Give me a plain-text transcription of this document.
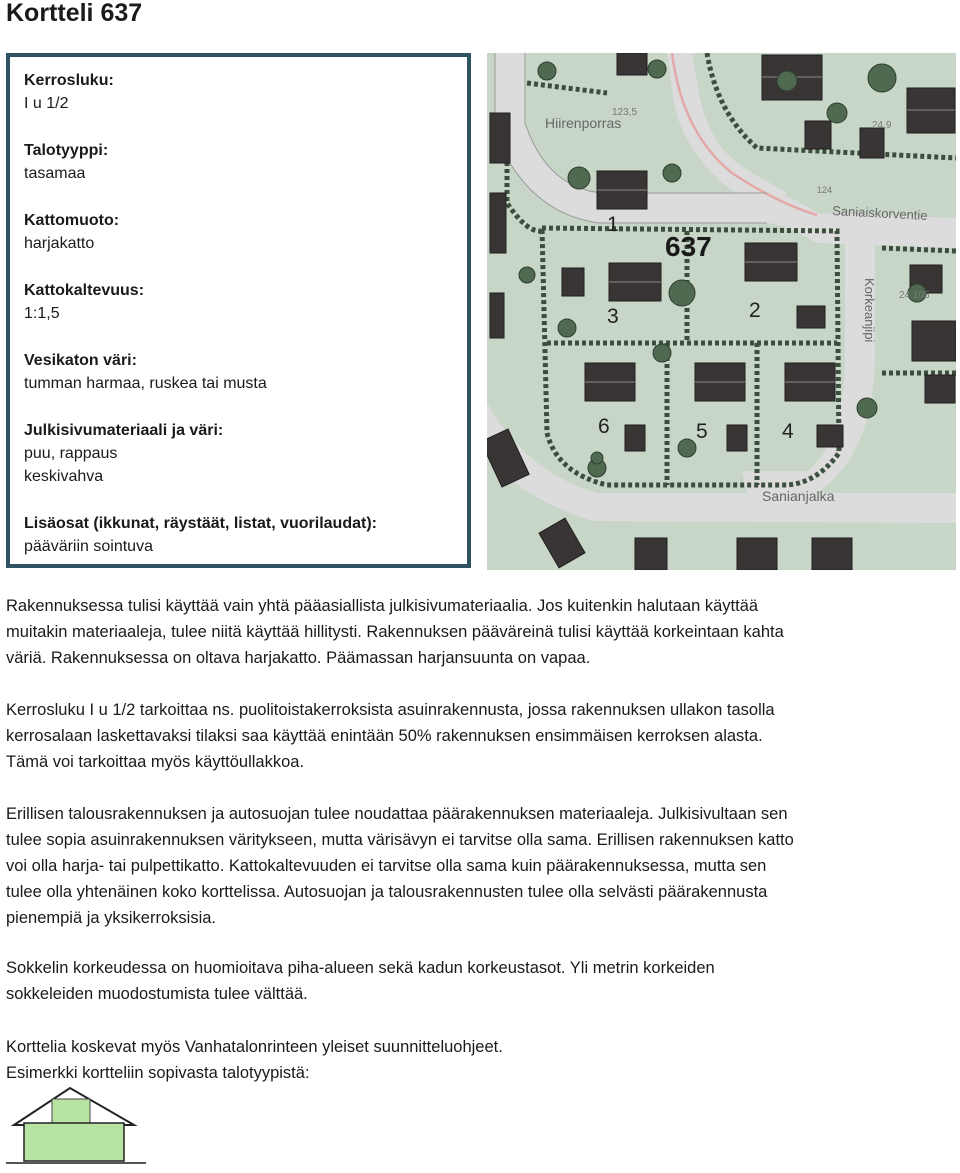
Kortteli 637
Kerrosluku:
I u 1/2
Talotyyppi:
tasamaa
Kattomuoto:
harjakatto
Kattokaltevuus:
1:1,5
Vesikaton väri:
tumman harmaa, ruskea tai musta
Julkisivumateriaali ja väri:
puu, rappaus
keskivahva
Lisäosat (ikkunat, räystäät, listat, vuorilaudat):
pääväriin sointuva
637
1
2
3
4
5
6
Hiirenporras
Sanianjalka
Saniaiskorventie
Korkeanjipi
123,5
24,9
24,105
124
Rakennuksessa tulisi käyttää vain yhtä pääasiallista julkisivumateriaalia. Jos kuitenkin halutaan käyttää
muitakin materiaaleja, tulee niitä käyttää hillitysti. Rakennuksen pääväreinä tulisi käyttää korkeintaan kahta
väriä. Rakennuksessa on oltava harjakatto. Päämassan harjansuunta on vapaa.
Kerrosluku I u 1/2 tarkoittaa ns. puolitoistakerroksista asuinrakennusta, jossa rakennuksen ullakon tasolla
kerrosalaan laskettavaksi tilaksi saa käyttää enintään 50% rakennuksen ensimmäisen kerroksen alasta.
Tämä voi tarkoittaa myös käyttöullakkoa.
Erillisen talousrakennuksen ja autosuojan tulee noudattaa päärakennuksen materiaaleja. Julkisivultaan sen
tulee sopia asuinrakennuksen väritykseen, mutta värisävyn ei tarvitse olla sama. Erillisen rakennuksen katto
voi olla harja- tai pulpettikatto. Kattokaltevuuden ei tarvitse olla sama kuin päärakennuksessa, mutta sen
tulee olla yhtenäinen koko korttelissa. Autosuojan ja talousrakennusten tulee olla selvästi päärakennusta
pienempiä ja yksikerroksisia.
Sokkelin korkeudessa on huomioitava piha-alueen sekä kadun korkeustasot. Yli metrin korkeiden
sokkeleiden muodostumista tulee välttää.
Korttelia koskevat myös Vanhatalonrinteen yleiset suunnitteluohjeet.
Esimerkki kortteliin sopivasta talotyypistä:
